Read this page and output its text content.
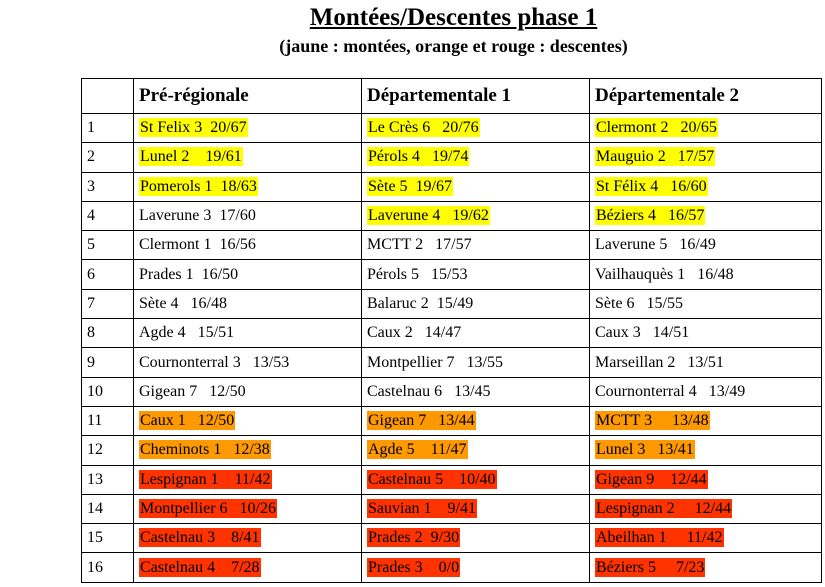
Montées/Descentes phase 1
(jaune : montées, orange et rouge : descentes)
	Pré-régionale	Départementale 1	Départementale 2
1	St Felix 3  20/67	Le Crès 6   20/76	Clermont 2   20/65
2	Lunel 2    19/61	Pérols 4   19/74	Mauguio 2   17/57
3	Pomerols 1  18/63	Sète 5  19/67	St Félix 4   16/60
4	Laverune 3  17/60	Laverune 4   19/62	Béziers 4   16/57
5	Clermont 1  16/56	MCTT 2   17/57	Laverune 5   16/49
6	Prades 1  16/50	Pérols 5   15/53	Vailhauquès 1   16/48
7	Sète 4   16/48	Balaruc 2  15/49	Sète 6   15/55
8	Agde 4   15/51	Caux 2   14/47	Caux 3   14/51
9	Cournonterral 3   13/53	Montpellier 7   13/55	Marseillan 2   13/51
10	Gigean 7   12/50	Castelnau 6   13/45	Cournonterral 4   13/49
11	Caux 1   12/50	Gigean 7   13/44	MCTT 3     13/48
12	Cheminots 1   12/38	Agde 5    11/47	Lunel 3   13/41
13	Lespignan 1    11/42	Castelnau 5    10/40	Gigean 9    12/44
14	Montpellier 6   10/26	Sauvian 1    9/41	Lespignan 2     12/44
15	Castelnau 3    8/41	Prades 2  9/30	Abeilhan 1     11/42
16	Castelnau 4    7/28	Prades 3    0/0	Béziers 5     7/23
